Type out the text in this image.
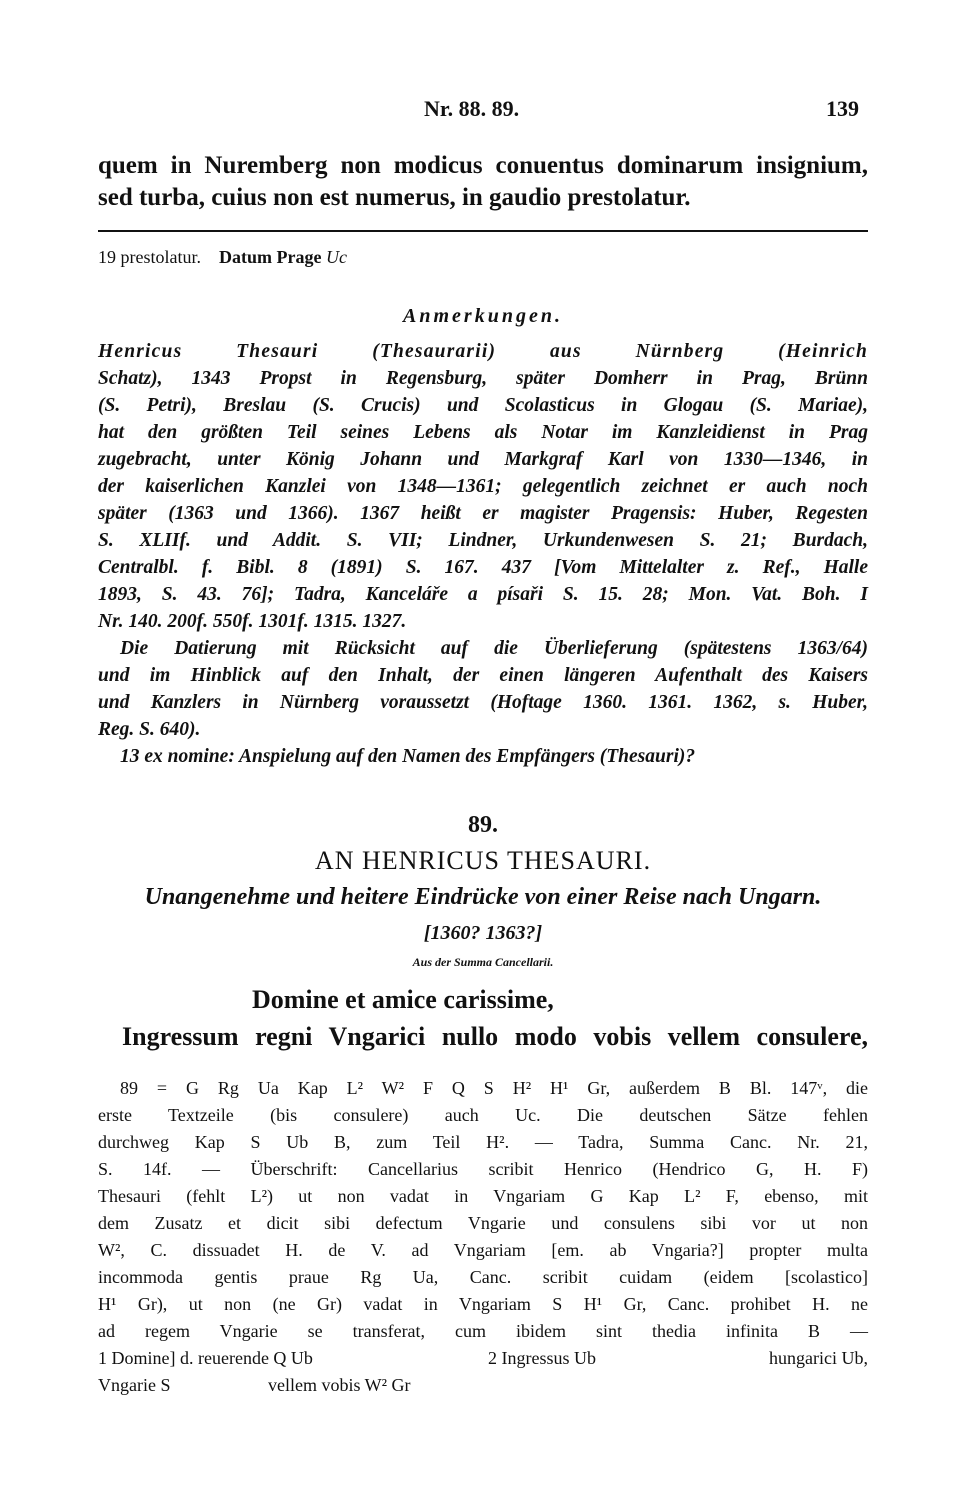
Nr. 88. 89.	139
quem in Nuremberg non modicus conuentus dominarum insignium,
sed turba, cuius non est numerus, in gaudio prestolatur.
19 prestolatur. Datum Prage Uc
Anmerkungen.
Henricus Thesauri (Thesaurarii) aus Nürnberg (Heinrich
Schatz), 1343 Propst in Regensburg, später Domherr in Prag, Brünn
(S. Petri), Breslau (S. Crucis) und Scolasticus in Glogau (S. Mariae),
hat den größten Teil seines Lebens als Notar im Kanzleidienst in Prag
zugebracht, unter König Johann und Markgraf Karl von 1330—1346, in
der kaiserlichen Kanzlei von 1348—1361; gelegentlich zeichnet er auch noch
später (1363 und 1366). 1367 heißt er magister Pragensis: Huber, Regesten
S. XLIIf. und Addit. S. VII; Lindner, Urkundenwesen S. 21; Burdach,
Centralbl. f. Bibl. 8 (1891) S. 167. 437 [Vom Mittelalter z. Ref., Halle
1893, S. 43. 76]; Tadra, Kanceláře a písaři S. 15. 28; Mon. Vat. Boh. I
Nr. 140. 200f. 550f. 1301f. 1315. 1327.
Die Datierung mit Rücksicht auf die Überlieferung (spätestens 1363/64)
und im Hinblick auf den Inhalt, der einen längeren Aufenthalt des Kaisers
und Kanzlers in Nürnberg voraussetzt (Hoftage 1360. 1361. 1362, s. Huber,
Reg. S. 640).
13 ex nomine: Anspielung auf den Namen des Empfängers (Thesauri)?
89.
AN HENRICUS THESAURI.
Unangenehme und heitere Eindrücke von einer Reise nach Ungarn.
[1360? 1363?]
Aus der Summa Cancellarii.
Domine et amice carissime,
Ingressum regni Vngarici nullo modo vobis vellem consulere,
89 = G Rg Ua Kap L² W² F Q S H² H¹ Gr, außerdem B Bl. 147ᵛ, die
erste Textzeile (bis consulere) auch Uc. Die deutschen Sätze fehlen
durchweg Kap S Ub B, zum Teil H². — Tadra, Summa Canc. Nr. 21,
S. 14f. — Überschrift: Cancellarius scribit Henrico (Hendrico G, H. F)
Thesauri (fehlt L²) ut non vadat in Vngariam G Kap L² F, ebenso, mit
dem Zusatz et dicit sibi defectum Vngarie und consulens sibi vor ut non
W², C. dissuadet H. de V. ad Vngariam [em. ab Vngaria?] propter multa
incommoda gentis praue Rg Ua, Canc. scribit cuidam (eidem [scolastico]
H¹ Gr), ut non (ne Gr) vadat in Vngariam S H¹ Gr, Canc. prohibet H. ne
ad regem Vngarie se transferat, cum ibidem sint thedia infinita B —
1 Domine] d. reuerende Q Ub	2 Ingressus Ub	hungarici Ub,
Vngarie S	vellem vobis W² Gr
